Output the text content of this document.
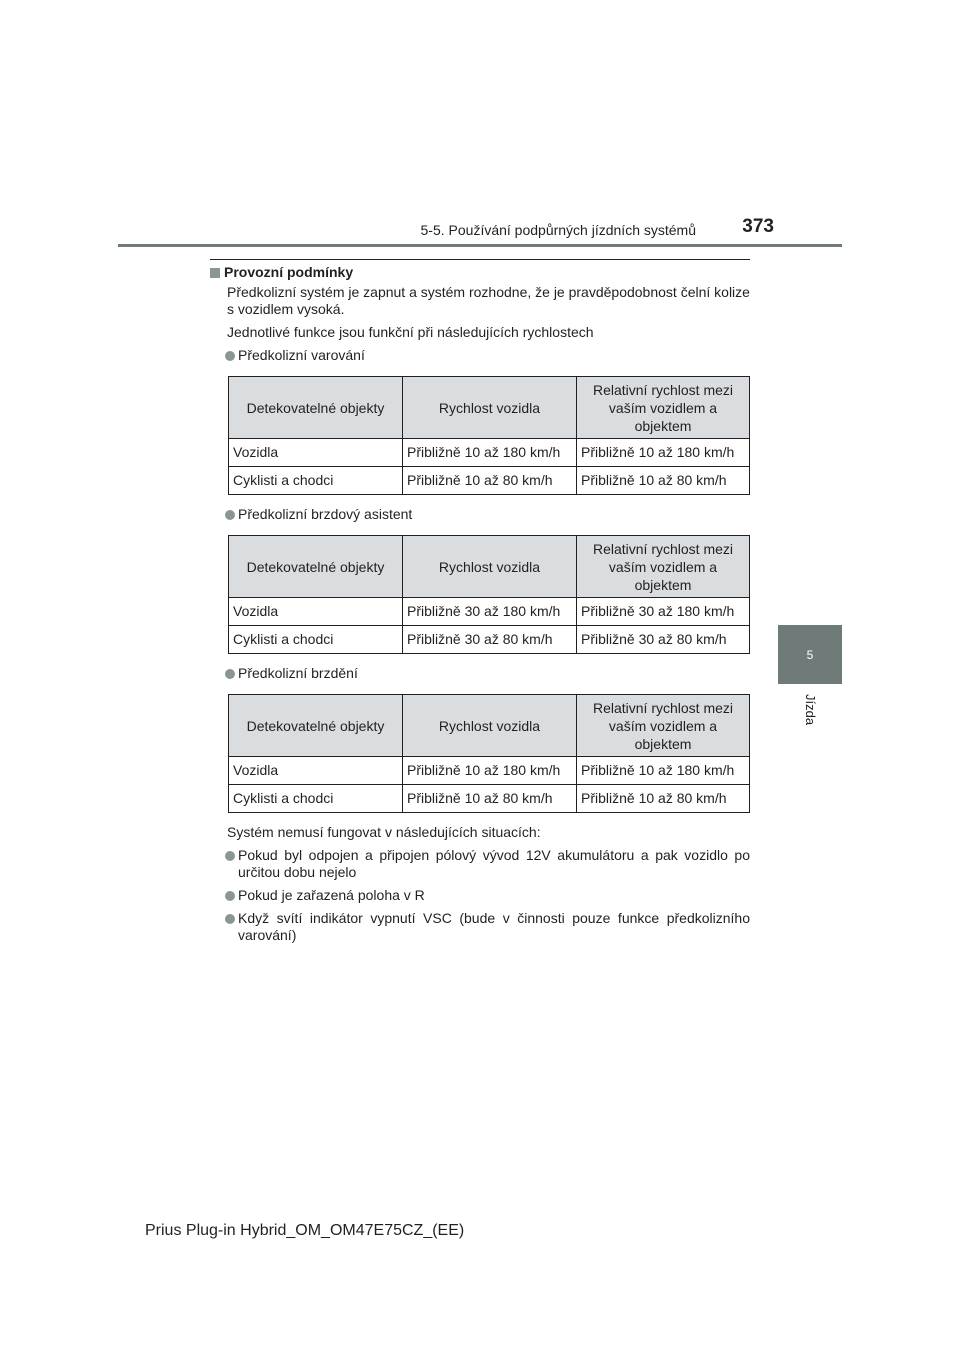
5-5. Používání podpůrných jízdních systémů 373
5
Jízda

Provozní podmínky

Předkolizní systém je zapnut a systém rozhodne, že je pravděpodobnost čelní kolize s vozidlem vysoká.

Jednotlivé funkce jsou funkční při následujících rychlostech

Předkolizní varování

Detekovatelné objekty	Rychlost vozidla	Relativní rychlost mezi vaším vozidlem a objektem
Vozidla	Přibližně 10 až 180 km/h	Přibližně 10 až 180 km/h
Cyklisti a chodci	Přibližně 10 až 80 km/h	Přibližně 10 až 80 km/h

Předkolizní brzdový asistent

Detekovatelné objekty	Rychlost vozidla	Relativní rychlost mezi vaším vozidlem a objektem
Vozidla	Přibližně 30 až 180 km/h	Přibližně 30 až 180 km/h
Cyklisti a chodci	Přibližně 30 až 80 km/h	Přibližně 30 až 80 km/h

Předkolizní brzdění

Detekovatelné objekty	Rychlost vozidla	Relativní rychlost mezi vaším vozidlem a objektem
Vozidla	Přibližně 10 až 180 km/h	Přibližně 10 až 180 km/h
Cyklisti a chodci	Přibližně 10 až 80 km/h	Přibližně 10 až 80 km/h

Systém nemusí fungovat v následujících situacích:

Pokud byl odpojen a připojen pólový vývod 12V akumulátoru a pak vozidlo po určitou dobu nejelo

Pokud je zařazená poloha v R

Když svítí indikátor vypnutí VSC (bude v činnosti pouze funkce předkolizního varování)

Prius Plug-in Hybrid_OM_OM47E75CZ_(EE)
